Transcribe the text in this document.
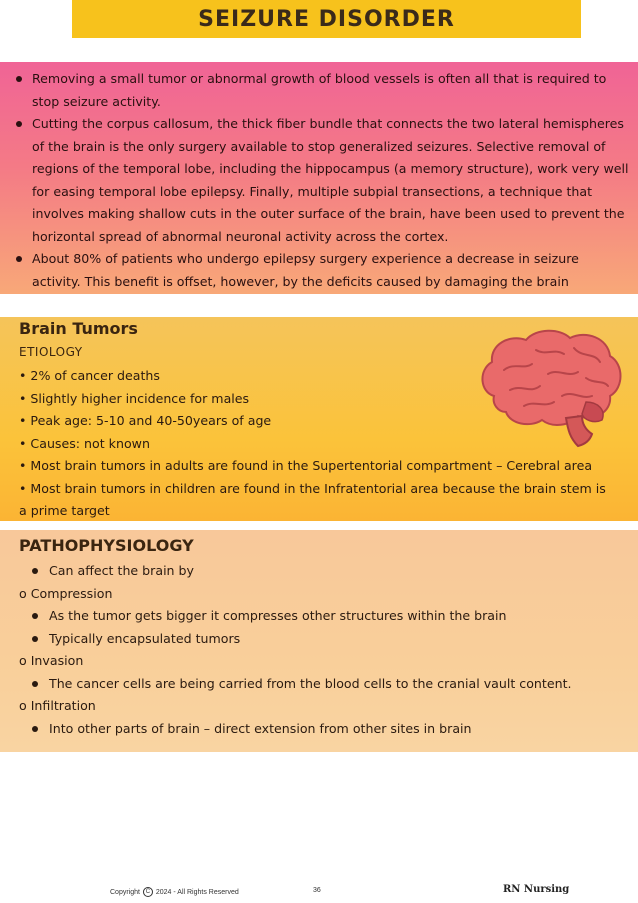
SEIZURE DISORDER
Removing a small tumor or abnormal growth of blood vessels is often all that is required to stop seizure activity.
Cutting the corpus callosum, the thick fiber bundle that connects the two lateral hemispheres of the brain is the only surgery available to stop generalized seizures. Selective removal of regions of the temporal lobe, including the hippocampus (a memory structure), work very well for easing temporal lobe epilepsy. Finally, multiple subpial transections, a technique that involves making shallow cuts in the outer surface of the brain, have been used to prevent the horizontal spread of abnormal neuronal activity across the cortex.
About 80% of patients who undergo epilepsy surgery experience a decrease in seizure activity. This benefit is offset, however, by the deficits caused by damaging the brain
Brain Tumors
ETIOLOGY
• 2% of cancer deaths
• Slightly higher incidence for males
• Peak age: 5-10 and 40-50years of age
• Causes: not known
• Most brain tumors in adults are found in the Supertentorial compartment – Cerebral area
• Most brain tumors in children are found in the Infratentorial area because the brain stem is
a prime target
PATHOPHYSIOLOGY
Can affect the brain by
o Compression
As the tumor gets bigger it compresses other structures within the brain
Typically encapsulated tumors
o Invasion
The cancer cells are being carried from the blood cells to the cranial vault content.
o Infiltration
Into other parts of brain – direct extension from other sites in brain
Copyright C 2024 - All Rights Reserved	36	RN Nursing
